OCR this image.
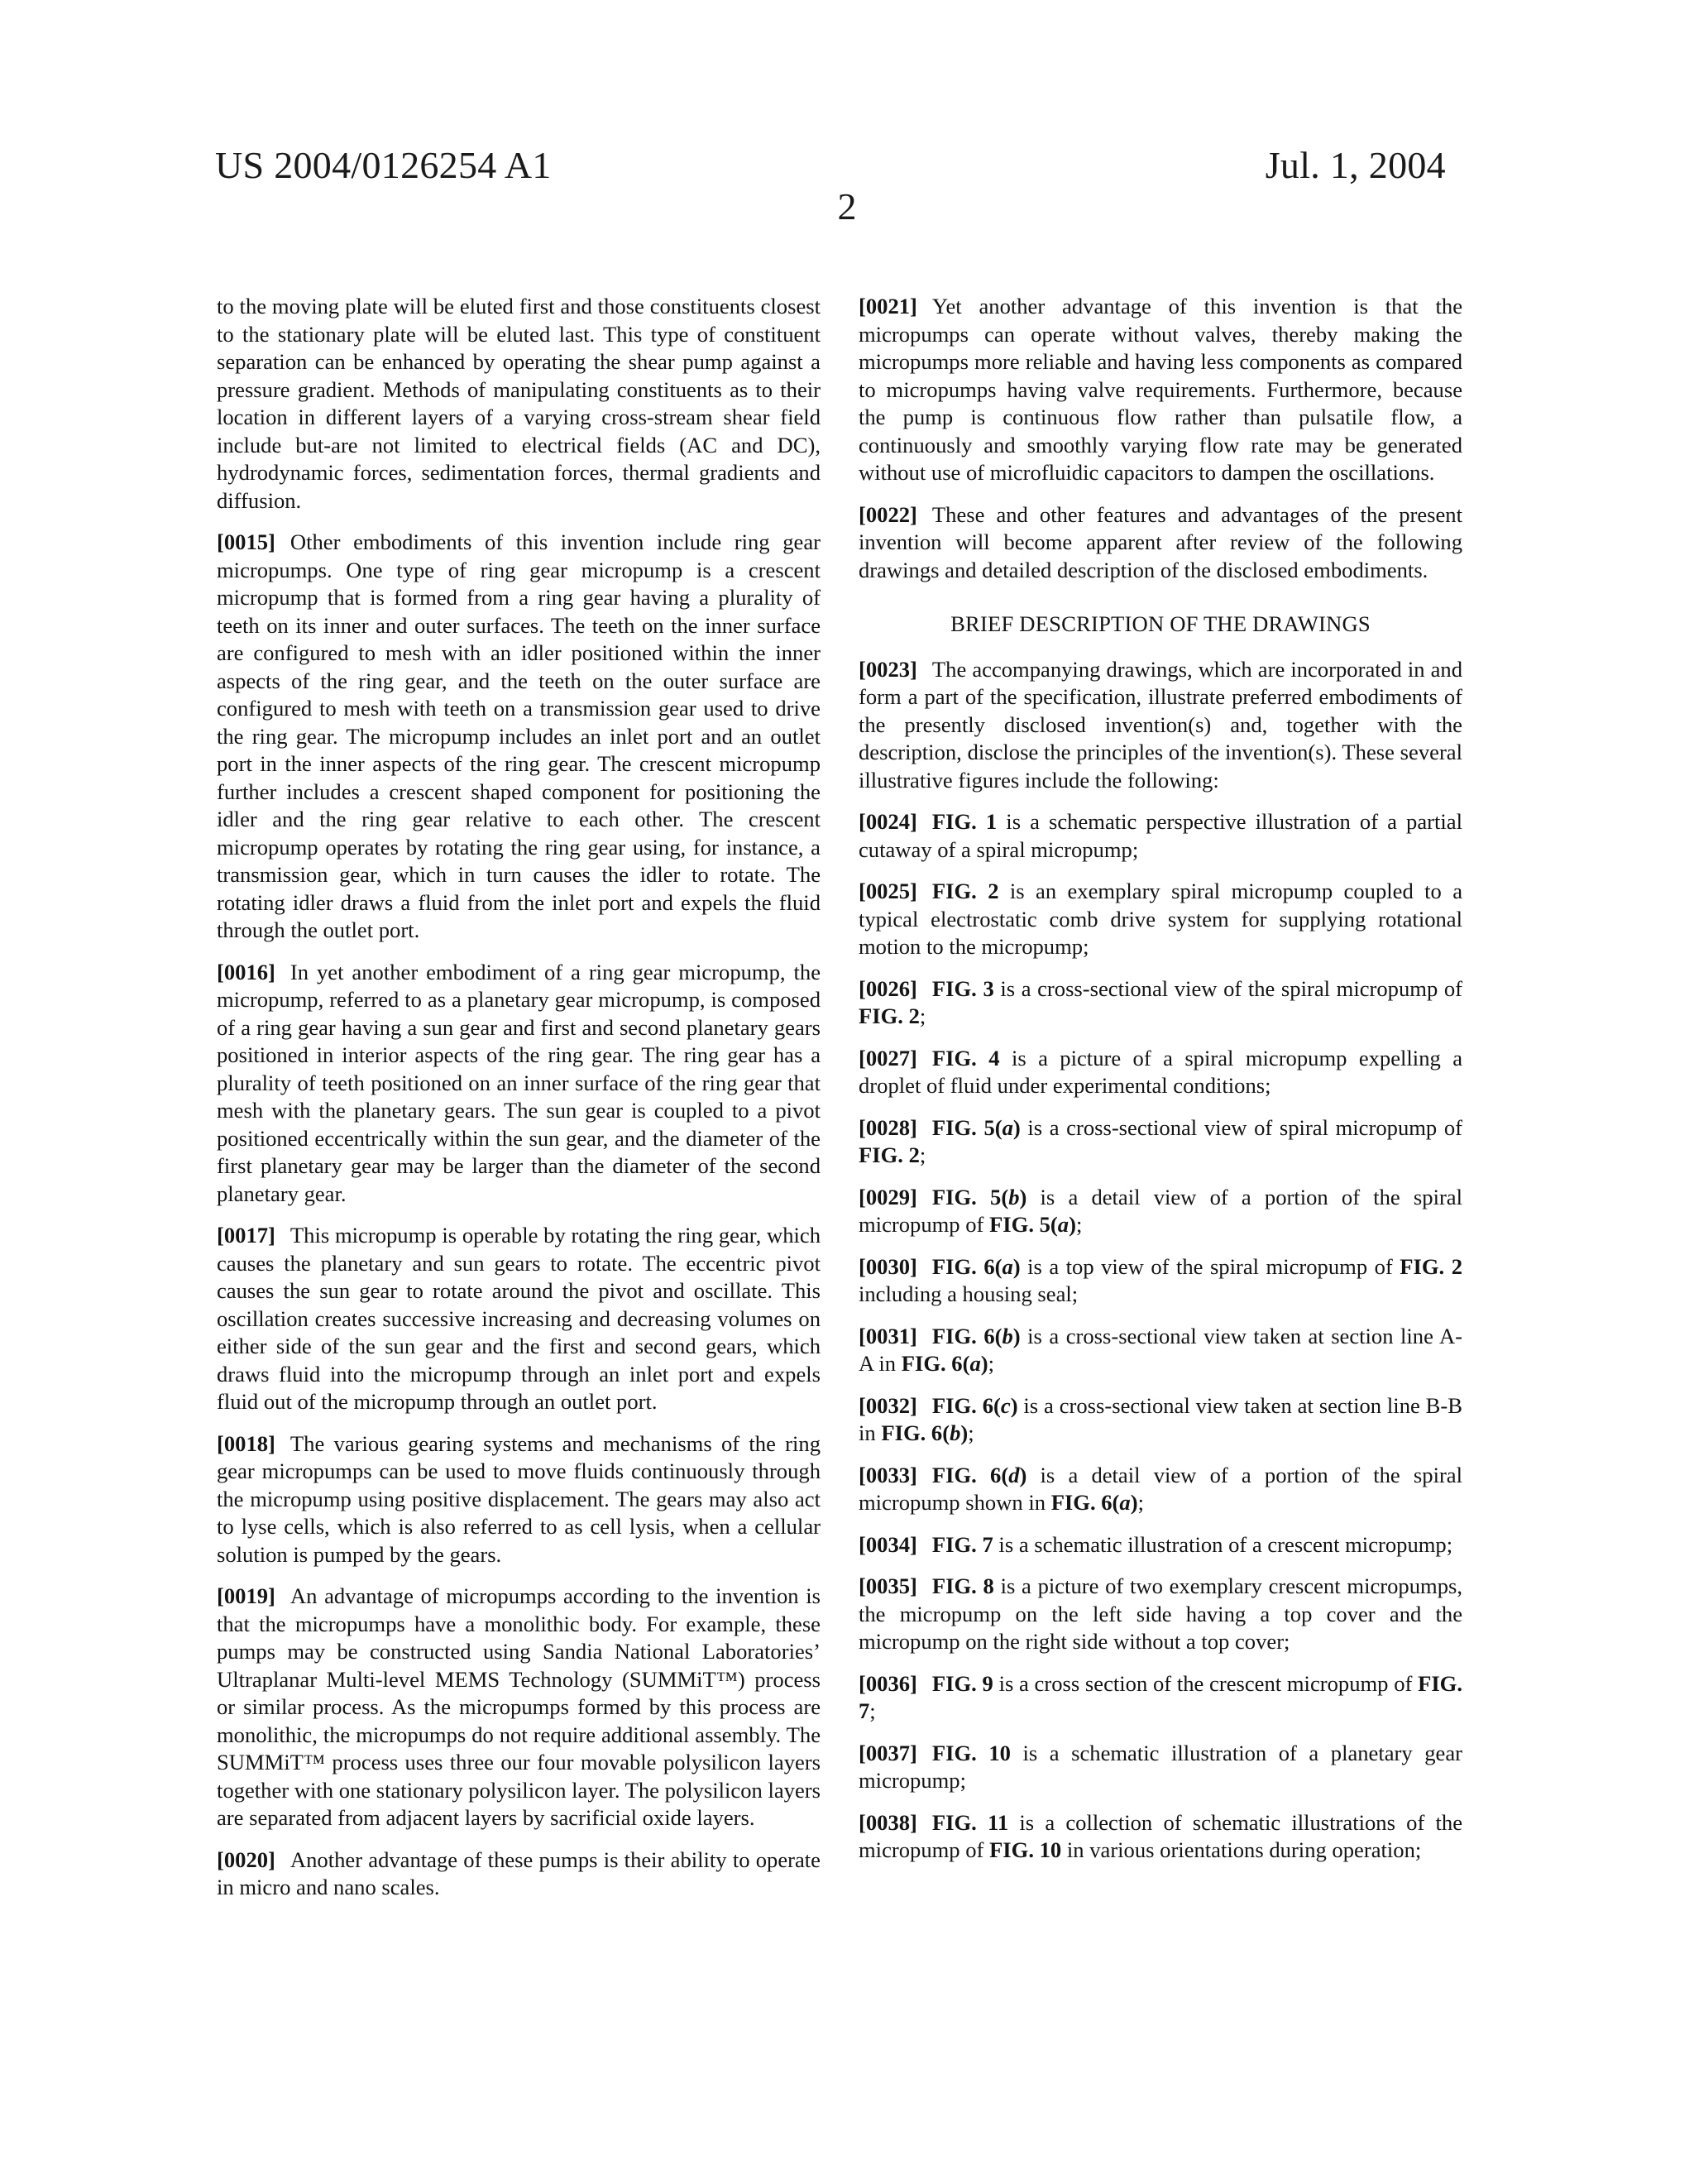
US 2004/0126254 A1	Jul. 1, 2004
2

to the moving plate will be eluted first and those constituents closest to the stationary plate will be eluted last. This type of constituent separation can be enhanced by operating the shear pump against a pressure gradient. Methods of manipulating constituents as to their location in different layers of a varying cross-stream shear field include but-are not limited to electrical fields (AC and DC), hydrodynamic forces, sedimentation forces, thermal gradients and diffusion.

[0015] Other embodiments of this invention include ring gear micropumps. One type of ring gear micropump is a crescent micropump that is formed from a ring gear having a plurality of teeth on its inner and outer surfaces. The teeth on the inner surface are configured to mesh with an idler positioned within the inner aspects of the ring gear, and the teeth on the outer surface are configured to mesh with teeth on a transmission gear used to drive the ring gear. The micropump includes an inlet port and an outlet port in the inner aspects of the ring gear. The crescent micropump further includes a crescent shaped component for positioning the idler and the ring gear relative to each other. The crescent micropump operates by rotating the ring gear using, for instance, a transmission gear, which in turn causes the idler to rotate. The rotating idler draws a fluid from the inlet port and expels the fluid through the outlet port.

[0016] In yet another embodiment of a ring gear micropump, the micropump, referred to as a planetary gear micropump, is composed of a ring gear having a sun gear and first and second planetary gears positioned in interior aspects of the ring gear. The ring gear has a plurality of teeth positioned on an inner surface of the ring gear that mesh with the planetary gears. The sun gear is coupled to a pivot positioned eccentrically within the sun gear, and the diameter of the first planetary gear may be larger than the diameter of the second planetary gear.

[0017] This micropump is operable by rotating the ring gear, which causes the planetary and sun gears to rotate. The eccentric pivot causes the sun gear to rotate around the pivot and oscillate. This oscillation creates successive increasing and decreasing volumes on either side of the sun gear and the first and second gears, which draws fluid into the micropump through an inlet port and expels fluid out of the micropump through an outlet port.

[0018] The various gearing systems and mechanisms of the ring gear micropumps can be used to move fluids continuously through the micropump using positive displacement. The gears may also act to lyse cells, which is also referred to as cell lysis, when a cellular solution is pumped by the gears.

[0019] An advantage of micropumps according to the invention is that the micropumps have a monolithic body. For example, these pumps may be constructed using Sandia National Laboratories’ Ultraplanar Multi-level MEMS Technology (SUMMiT™) process or similar process. As the micropumps formed by this process are monolithic, the micropumps do not require additional assembly. The SUMMiT™ process uses three our four movable polysilicon layers together with one stationary polysilicon layer. The polysilicon layers are separated from adjacent layers by sacrificial oxide layers.

[0020] Another advantage of these pumps is their ability to operate in micro and nano scales.

[0021] Yet another advantage of this invention is that the micropumps can operate without valves, thereby making the micropumps more reliable and having less components as compared to micropumps having valve requirements. Furthermore, because the pump is continuous flow rather than pulsatile flow, a continuously and smoothly varying flow rate may be generated without use of microfluidic capacitors to dampen the oscillations.

[0022] These and other features and advantages of the present invention will become apparent after review of the following drawings and detailed description of the disclosed embodiments.

BRIEF DESCRIPTION OF THE DRAWINGS

[0023] The accompanying drawings, which are incorporated in and form a part of the specification, illustrate preferred embodiments of the presently disclosed invention(s) and, together with the description, disclose the principles of the invention(s). These several illustrative figures include the following:

[0024] FIG. 1 is a schematic perspective illustration of a partial cutaway of a spiral micropump;

[0025] FIG. 2 is an exemplary spiral micropump coupled to a typical electrostatic comb drive system for supplying rotational motion to the micropump;

[0026] FIG. 3 is a cross-sectional view of the spiral micropump of FIG. 2;

[0027] FIG. 4 is a picture of a spiral micropump expelling a droplet of fluid under experimental conditions;

[0028] FIG. 5(a) is a cross-sectional view of spiral micropump of FIG. 2;

[0029] FIG. 5(b) is a detail view of a portion of the spiral micropump of FIG. 5(a);

[0030] FIG. 6(a) is a top view of the spiral micropump of FIG. 2 including a housing seal;

[0031] FIG. 6(b) is a cross-sectional view taken at section line A-A in FIG. 6(a);

[0032] FIG. 6(c) is a cross-sectional view taken at section line B-B in FIG. 6(b);

[0033] FIG. 6(d) is a detail view of a portion of the spiral micropump shown in FIG. 6(a);

[0034] FIG. 7 is a schematic illustration of a crescent micropump;

[0035] FIG. 8 is a picture of two exemplary crescent micropumps, the micropump on the left side having a top cover and the micropump on the right side without a top cover;

[0036] FIG. 9 is a cross section of the crescent micropump of FIG. 7;

[0037] FIG. 10 is a schematic illustration of a planetary gear micropump;

[0038] FIG. 11 is a collection of schematic illustrations of the micropump of FIG. 10 in various orientations during operation;
